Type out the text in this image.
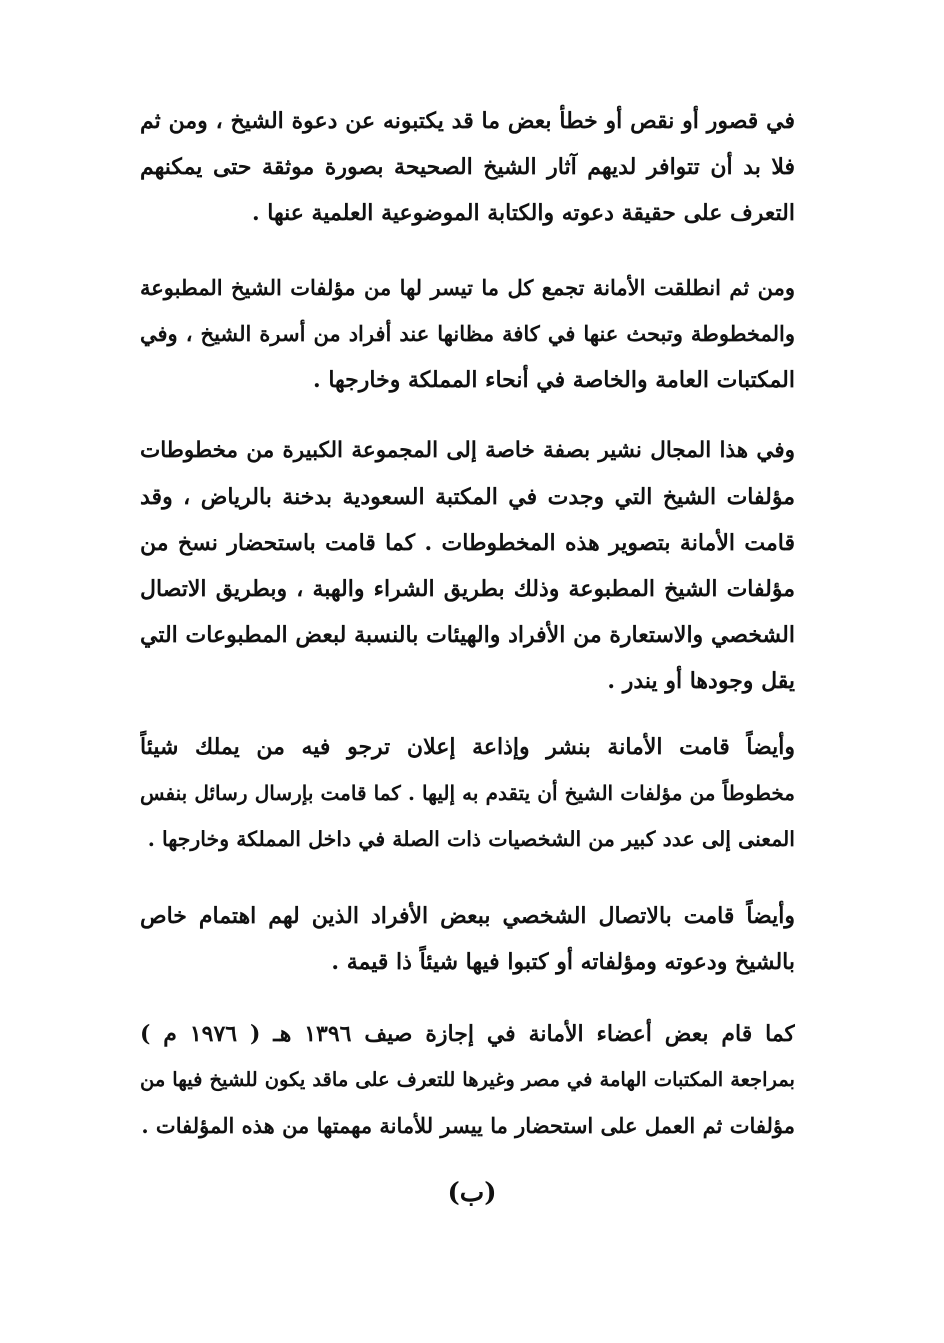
في قصور أو نقص أو خطأ بعض ما قد يكتبونه عن دعوة الشيخ ، ومن ثم
فلا بد أن تتوافر لديهم آثار الشيخ الصحيحة بصورة موثقة حتى يمكنهم
التعرف على حقيقة دعوته والكتابة الموضوعية العلمية عنها .
ومن ثم انطلقت الأمانة تجمع كل ما تيسر لها من مؤلفات الشيخ المطبوعة
والمخطوطة وتبحث عنها في كافة مظانها عند أفراد من أسرة الشيخ ، وفي
المكتبات العامة والخاصة في أنحاء المملكة وخارجها .
وفي هذا المجال نشير بصفة خاصة إلى المجموعة الكبيرة من مخطوطات
مؤلفات الشيخ التي وجدت في المكتبة السعودية بدخنة بالرياض ، وقد
قامت الأمانة بتصوير هذه المخطوطات . كما قامت باستحضار نسخ من
مؤلفات الشيخ المطبوعة وذلك بطريق الشراء والهبة ، وبطريق الاتصال
الشخصي والاستعارة من الأفراد والهيئات بالنسبة لبعض المطبوعات التي
يقل وجودها أو يندر .
وأيضاً قامت الأمانة بنشر وإذاعة إعلان ترجو فيه من يملك شيئاً
مخطوطاً من مؤلفات الشيخ أن يتقدم به إليها . كما قامت بإرسال رسائل بنفس
المعنى إلى عدد كبير من الشخصيات ذات الصلة في داخل المملكة وخارجها .
وأيضاً قامت بالاتصال الشخصي ببعض الأفراد الذين لهم اهتمام خاص
بالشيخ ودعوته ومؤلفاته أو كتبوا فيها شيئاً ذا قيمة .
كما قام بعض أعضاء الأمانة في إجازة صيف ١٣٩٦ هـ ( ١٩٧٦ م )
بمراجعة المكتبات الهامة في مصر وغيرها للتعرف على ماقد يكون للشيخ فيها من
مؤلفات ثم العمل على استحضار ما ييسر للأمانة مهمتها من هذه المؤلفات .
(ب)
